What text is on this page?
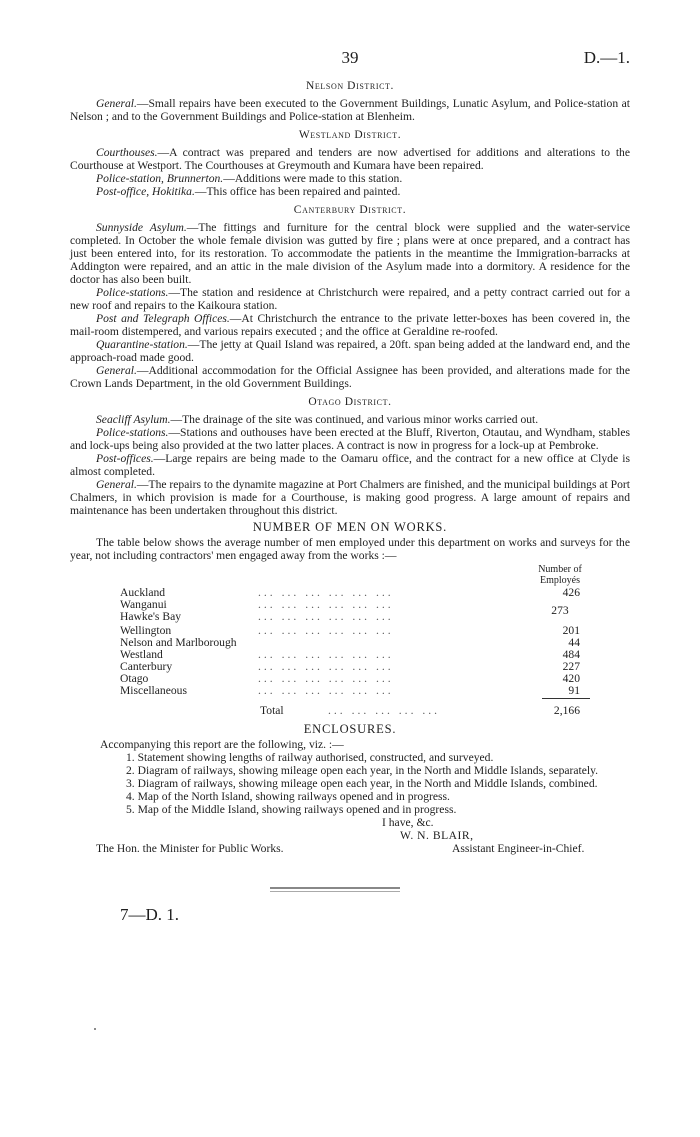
39	D.—1.
Nelson District.

General.—Small repairs have been executed to the Government Buildings, Lunatic Asylum, and Police-station at Nelson ; and to the Government Buildings and Police-station at Blenheim.

Westland District.

Courthouses.—A contract was prepared and tenders are now advertised for additions and alterations to the Courthouse at Westport. The Courthouses at Greymouth and Kumara have been repaired.

Police-station, Brunnerton.—Additions were made to this station.

Post-office, Hokitika.—This office has been repaired and painted.

Canterbury District.

Sunnyside Asylum.—The fittings and furniture for the central block were supplied and the water-service completed. In October the whole female division was gutted by fire ; plans were at once prepared, and a contract has just been entered into, for its restoration. To accommodate the patients in the meantime the Immigration-barracks at Addington were repaired, and an attic in the male division of the Asylum made into a dormitory. A residence for the doctor has also been built.

Police-stations.—The station and residence at Christchurch were repaired, and a petty contract carried out for a new roof and repairs to the Kaikoura station.

Post and Telegraph Offices.—At Christchurch the entrance to the private letter-boxes has been covered in, the mail-room distempered, and various repairs executed ; and the office at Geraldine re-roofed.

Quarantine-station.—The jetty at Quail Island was repaired, a 20ft. span being added at the landward end, and the approach-road made good.

General.—Additional accommodation for the Official Assignee has been provided, and alterations made for the Crown Lands Department, in the old Government Buildings.

Otago District.

Seacliff Asylum.—The drainage of the site was continued, and various minor works carried out.

Police-stations.—Stations and outhouses have been erected at the Bluff, Riverton, Otautau, and Wyndham, stables and lock-ups being also provided at the two latter places. A contract is now in progress for a lock-up at Pembroke.

Post-offices.—Large repairs are being made to the Oamaru office, and the contract for a new office at Clyde is almost completed.

General.—The repairs to the dynamite magazine at Port Chalmers are finished, and the municipal buildings at Port Chalmers, in which provision is made for a Courthouse, is making good progress. A large amount of repairs and maintenance has been undertaken throughout this district.

NUMBER OF MEN ON WORKS.

The table below shows the average number of men employed under this department on works and surveys for the year, not including contractors' men engaged away from the works :—

Number of Employés
Auckland	... ... ... ... ... ...	426
Wanganui	... ... ... ... ... ...
Hawke's Bay	... ... ... ... ... ...	273
Wellington	... ... ... ... ... ...	201
Nelson and Marlborough	44
Westland	... ... ... ... ... ...	484
Canterbury	... ... ... ... ... ...	227
Otago	... ... ... ... ... ...	420
Miscellaneous	... ... ... ... ... ...	91
Total	... ... ... ... ...	2,166
ENCLOSURES.

Accompanying this report are the following, viz. :—

1. Statement showing lengths of railway authorised, constructed, and surveyed.
2. Diagram of railways, showing mileage open each year, in the North and Middle Islands, separately.
3. Diagram of railways, showing mileage open each year, in the North and Middle Islands, combined.
4. Map of the North Island, showing railways opened and in progress.
5. Map of the Middle Island, showing railways opened and in progress.
I have, &c.
W. N. BLAIR,
The Hon. the Minister for Public Works.	Assistant Engineer-in-Chief.
7—D. 1.
